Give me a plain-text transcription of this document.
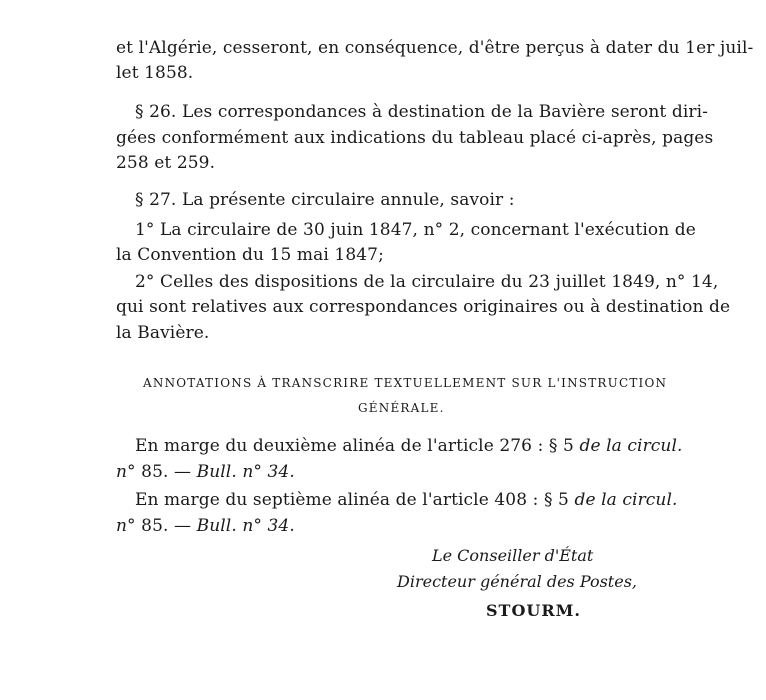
et l'Algérie, cesseront, en conséquence, d'être perçus à dater du 1er juil-
let 1858.
§ 26. Les correspondances à destination de la Bavière seront diri-
gées conformément aux indications du tableau placé ci-après, pages
258 et 259.
§ 27. La présente circulaire annule, savoir :
1° La circulaire de 30 juin 1847, n° 2, concernant l'exécution de
la Convention du 15 mai 1847;
2° Celles des dispositions de la circulaire du 23 juillet 1849, n° 14,
qui sont relatives aux correspondances originaires ou à destination de
la Bavière.
ANNOTATIONS À TRANSCRIRE TEXTUELLEMENT SUR L'INSTRUCTION
GÉNÉRALE.
En marge du deuxième alinéa de l'article 276 : § 5 de la circul.
n° 85. — Bull. n° 34.
En marge du septième alinéa de l'article 408 : § 5 de la circul.
n° 85. — Bull. n° 34.
Le Conseiller d'État
Directeur général des Postes,
STOURM.
